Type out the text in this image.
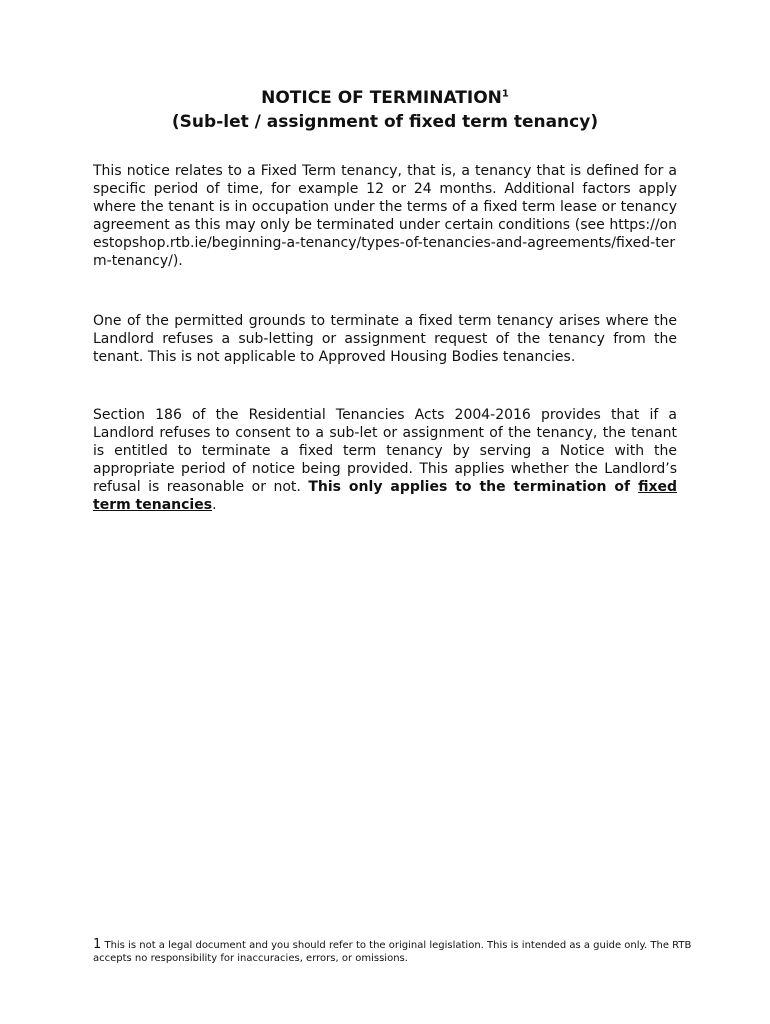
NOTICE OF TERMINATION$^1$
(Sub-let / assignment of fixed term tenancy)
This notice relates to a Fixed Term tenancy, that is, a tenancy that is defined for a specific period of time, for example 12 or 24 months. Additional factors apply where the tenant is in occupation under the terms of a fixed term lease or tenancy agreement as this may only be terminated under certain conditions (see https://onestopshop.rtb.ie/beginning-a-tenancy/types-of-tenancies-and-agreements/fixed-term-tenancy/).
One of the permitted grounds to terminate a fixed term tenancy arises where the Landlord refuses a sub-letting or assignment request of the tenancy from the tenant. This is not applicable to Approved Housing Bodies tenancies.
Section 186 of the Residential Tenancies Acts 2004-2016 provides that if a Landlord refuses to consent to a sub-let or assignment of the tenancy, the tenant is entitled to terminate a fixed term tenancy by serving a Notice with the appropriate period of notice being provided. This applies whether the Landlord’s refusal is reasonable or not. This only applies to the termination of fixed term tenancies.
1 This is not a legal document and you should refer to the original legislation. This is intended as a guide only. The RTB accepts no responsibility for inaccuracies, errors, or omissions.
